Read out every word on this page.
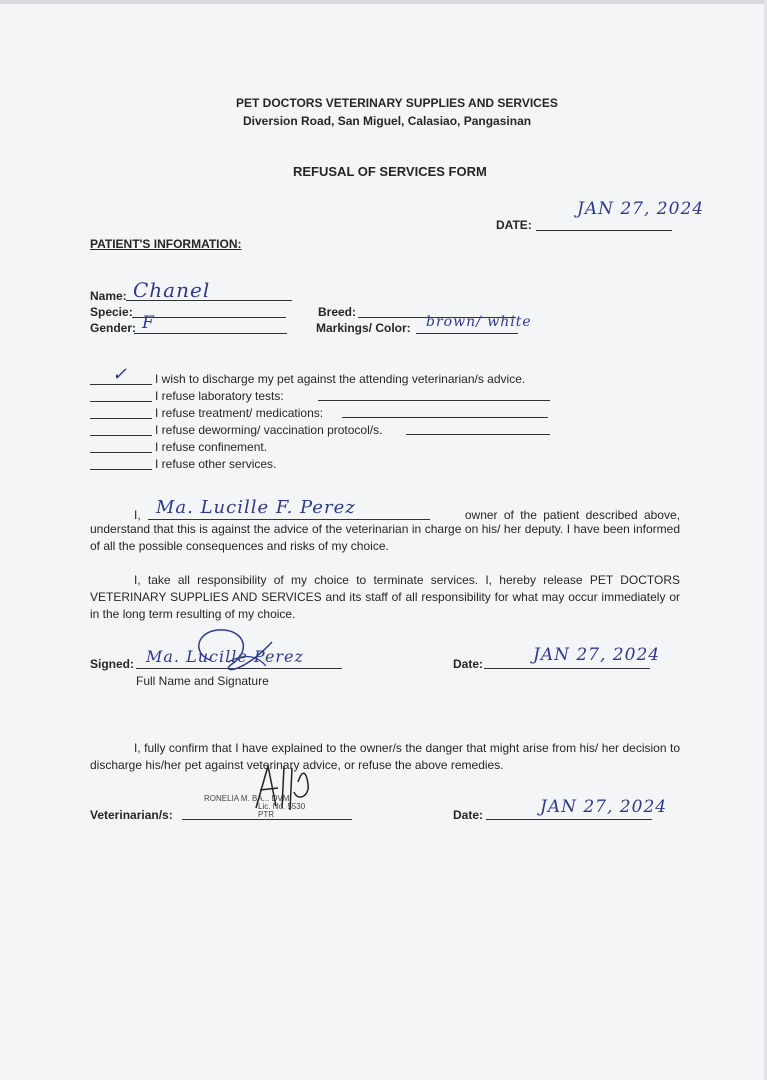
PET DOCTORS VETERINARY SUPPLIES AND SERVICES
Diversion Road, San Miguel, Calasiao, Pangasinan
REFUSAL OF SERVICES FORM
DATE:
JAN 27, 2024
PATIENT'S INFORMATION:
Name: Chanel
Specie:
Gender: F
Breed:
Markings/ Color: brown/ white
✓ I wish to discharge my pet against the attending veterinarian/s advice.
I refuse laboratory tests:
I refuse treatment/ medications:
I refuse deworming/ vaccination protocol/s.
I refuse confinement.
I refuse other services.
I, Ma. Lucille F. Perez	owner of the patient described above,
understand that this is against the advice of the veterinarian in charge on his/ her deputy. I have been informed of all the possible consequences and risks of my choice.
I, take all responsibility of my choice to terminate services. I, hereby release PET DOCTORS VETERINARY SUPPLIES AND SERVICES and its staff of all responsibility for what may occur immediately or in the long term resulting of my choice.
Signed: Ma. Lucille Perez
Full Name and Signature
Date:	JAN 27, 2024
I, fully confirm that I have explained to the owner/s the danger that might arise from his/ her decision to discharge his/her pet against veterinary advice, or refuse the above remedies.
Veterinarian/s:
RONELIA M. BA... DVM
Lic. No. 5530
PTR	Date:	JAN 27, 2024
